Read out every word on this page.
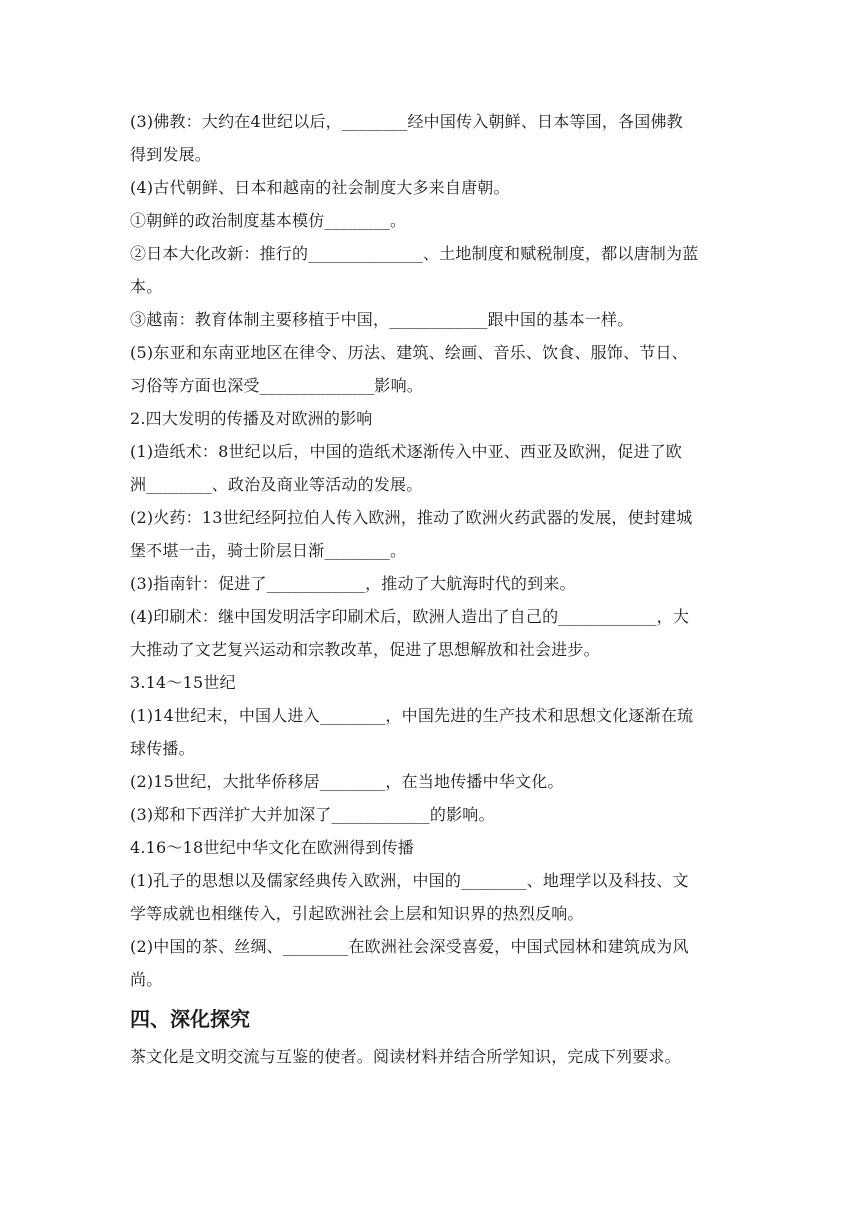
(3)佛教：大约在4世纪以后，________经中国传入朝鲜、日本等国，各国佛教
得到发展。
(4)古代朝鲜、日本和越南的社会制度大多来自唐朝。
①朝鲜的政治制度基本模仿________。
②日本大化改新：推行的______________、土地制度和赋税制度，都以唐制为蓝
本。
③越南：教育体制主要移植于中国，____________跟中国的基本一样。
(5)东亚和东南亚地区在律令、历法、建筑、绘画、音乐、饮食、服饰、节日、
习俗等方面也深受______________影响。
2.四大发明的传播及对欧洲的影响
(1)造纸术：8世纪以后，中国的造纸术逐渐传入中亚、西亚及欧洲，促进了欧
洲________、政治及商业等活动的发展。
(2)火药：13世纪经阿拉伯人传入欧洲，推动了欧洲火药武器的发展，使封建城
堡不堪一击，骑士阶层日渐________。
(3)指南针：促进了____________，推动了大航海时代的到来。
(4)印刷术：继中国发明活字印刷术后，欧洲人造出了自己的____________，大
大推动了文艺复兴运动和宗教改革，促进了思想解放和社会进步。
3.14～15世纪
(1)14世纪末，中国人进入________，中国先进的生产技术和思想文化逐渐在琉
球传播。
(2)15世纪，大批华侨移居________，在当地传播中华文化。
(3)郑和下西洋扩大并加深了____________的影响。
4.16～18世纪中华文化在欧洲得到传播
(1)孔子的思想以及儒家经典传入欧洲，中国的________、地理学以及科技、文
学等成就也相继传入，引起欧洲社会上层和知识界的热烈反响。
(2)中国的茶、丝绸、________在欧洲社会深受喜爱，中国式园林和建筑成为风
尚。
四、深化探究
茶文化是文明交流与互鉴的使者。阅读材料并结合所学知识，完成下列要求。
